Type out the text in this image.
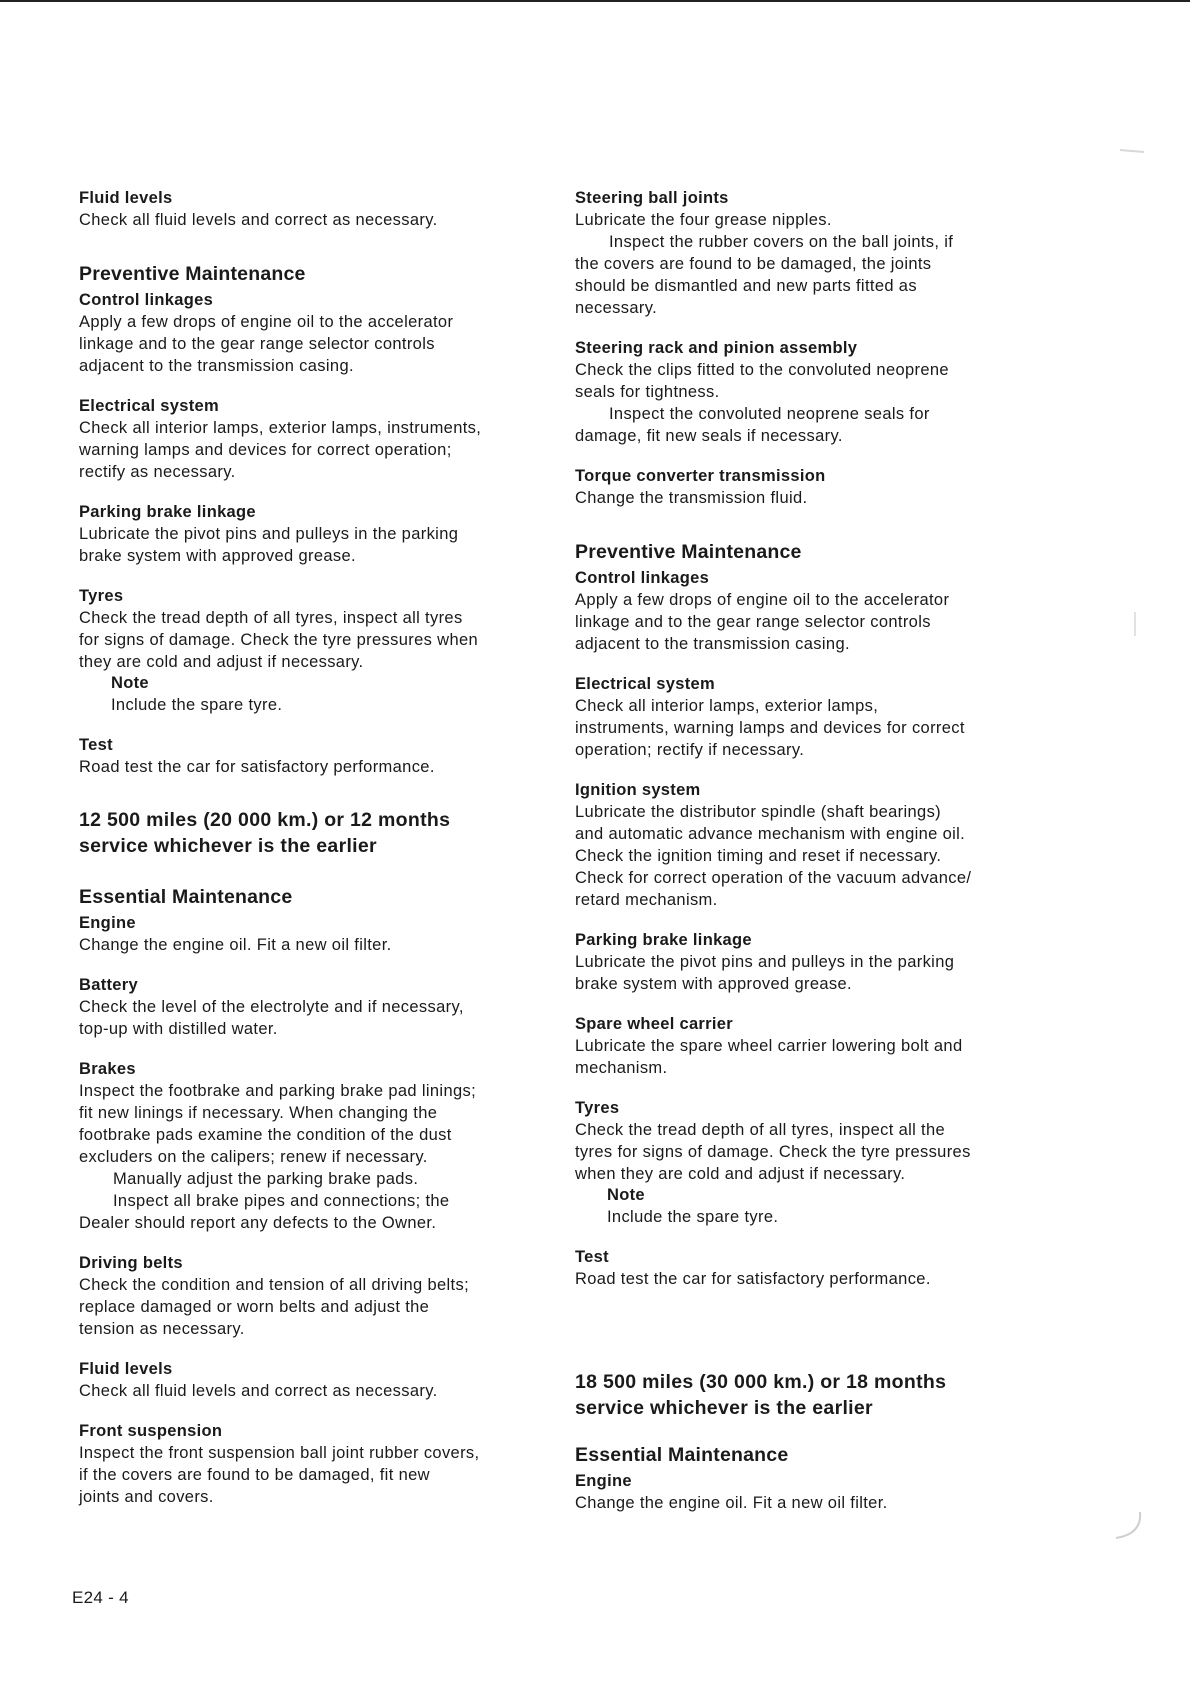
Fluid levels

Check all fluid levels and correct as necessary.

Preventive Maintenance

Control linkages

Apply a few drops of engine oil to the accelerator

linkage and to the gear range selector controls

adjacent to the transmission casing.

Electrical system

Check all interior lamps, exterior lamps, instruments,

warning lamps and devices for correct operation;

rectify as necessary.

Parking brake linkage

Lubricate the pivot pins and pulleys in the parking

brake system with approved grease.

Tyres

Check the tread depth of all tyres, inspect all tyres

for signs of damage. Check the tyre pressures when

they are cold and adjust if necessary.

Note

Include the spare tyre.

Test

Road test the car for satisfactory performance.

12 500 miles (20 000 km.) or 12 months

service whichever is the earlier

Essential Maintenance

Engine

Change the engine oil. Fit a new oil filter.

Battery

Check the level of the electrolyte and if necessary,

top-up with distilled water.

Brakes

Inspect the footbrake and parking brake pad linings;

fit new linings if necessary. When changing the

footbrake pads examine the condition of the dust

excluders on the calipers; renew if necessary.

Manually adjust the parking brake pads.

Inspect all brake pipes and connections; the

Dealer should report any defects to the Owner.

Driving belts

Check the condition and tension of all driving belts;

replace damaged or worn belts and adjust the

tension as necessary.

Fluid levels

Check all fluid levels and correct as necessary.

Front suspension

Inspect the front suspension ball joint rubber covers,

if the covers are found to be damaged, fit new

joints and covers.

Steering ball joints

Lubricate the four grease nipples.

Inspect the rubber covers on the ball joints, if

the covers are found to be damaged, the joints

should be dismantled and new parts fitted as

necessary.

Steering rack and pinion assembly

Check the clips fitted to the convoluted neoprene

seals for tightness.

Inspect the convoluted neoprene seals for

damage, fit new seals if necessary.

Torque converter transmission

Change the transmission fluid.

Preventive Maintenance

Control linkages

Apply a few drops of engine oil to the accelerator

linkage and to the gear range selector controls

adjacent to the transmission casing.

Electrical system

Check all interior lamps, exterior lamps,

instruments, warning lamps and devices for correct

operation; rectify if necessary.

Ignition system

Lubricate the distributor spindle (shaft bearings)

and automatic advance mechanism with engine oil.

Check the ignition timing and reset if necessary.

Check for correct operation of the vacuum advance/

retard mechanism.

Parking brake linkage

Lubricate the pivot pins and pulleys in the parking

brake system with approved grease.

Spare wheel carrier

Lubricate the spare wheel carrier lowering bolt and

mechanism.

Tyres

Check the tread depth of all tyres, inspect all the

tyres for signs of damage. Check the tyre pressures

when they are cold and adjust if necessary.

Note

Include the spare tyre.

Test

Road test the car for satisfactory performance.

18 500 miles (30 000 km.) or 18 months

service whichever is the earlier

Essential Maintenance

Engine

Change the engine oil. Fit a new oil filter.

E24 - 4
